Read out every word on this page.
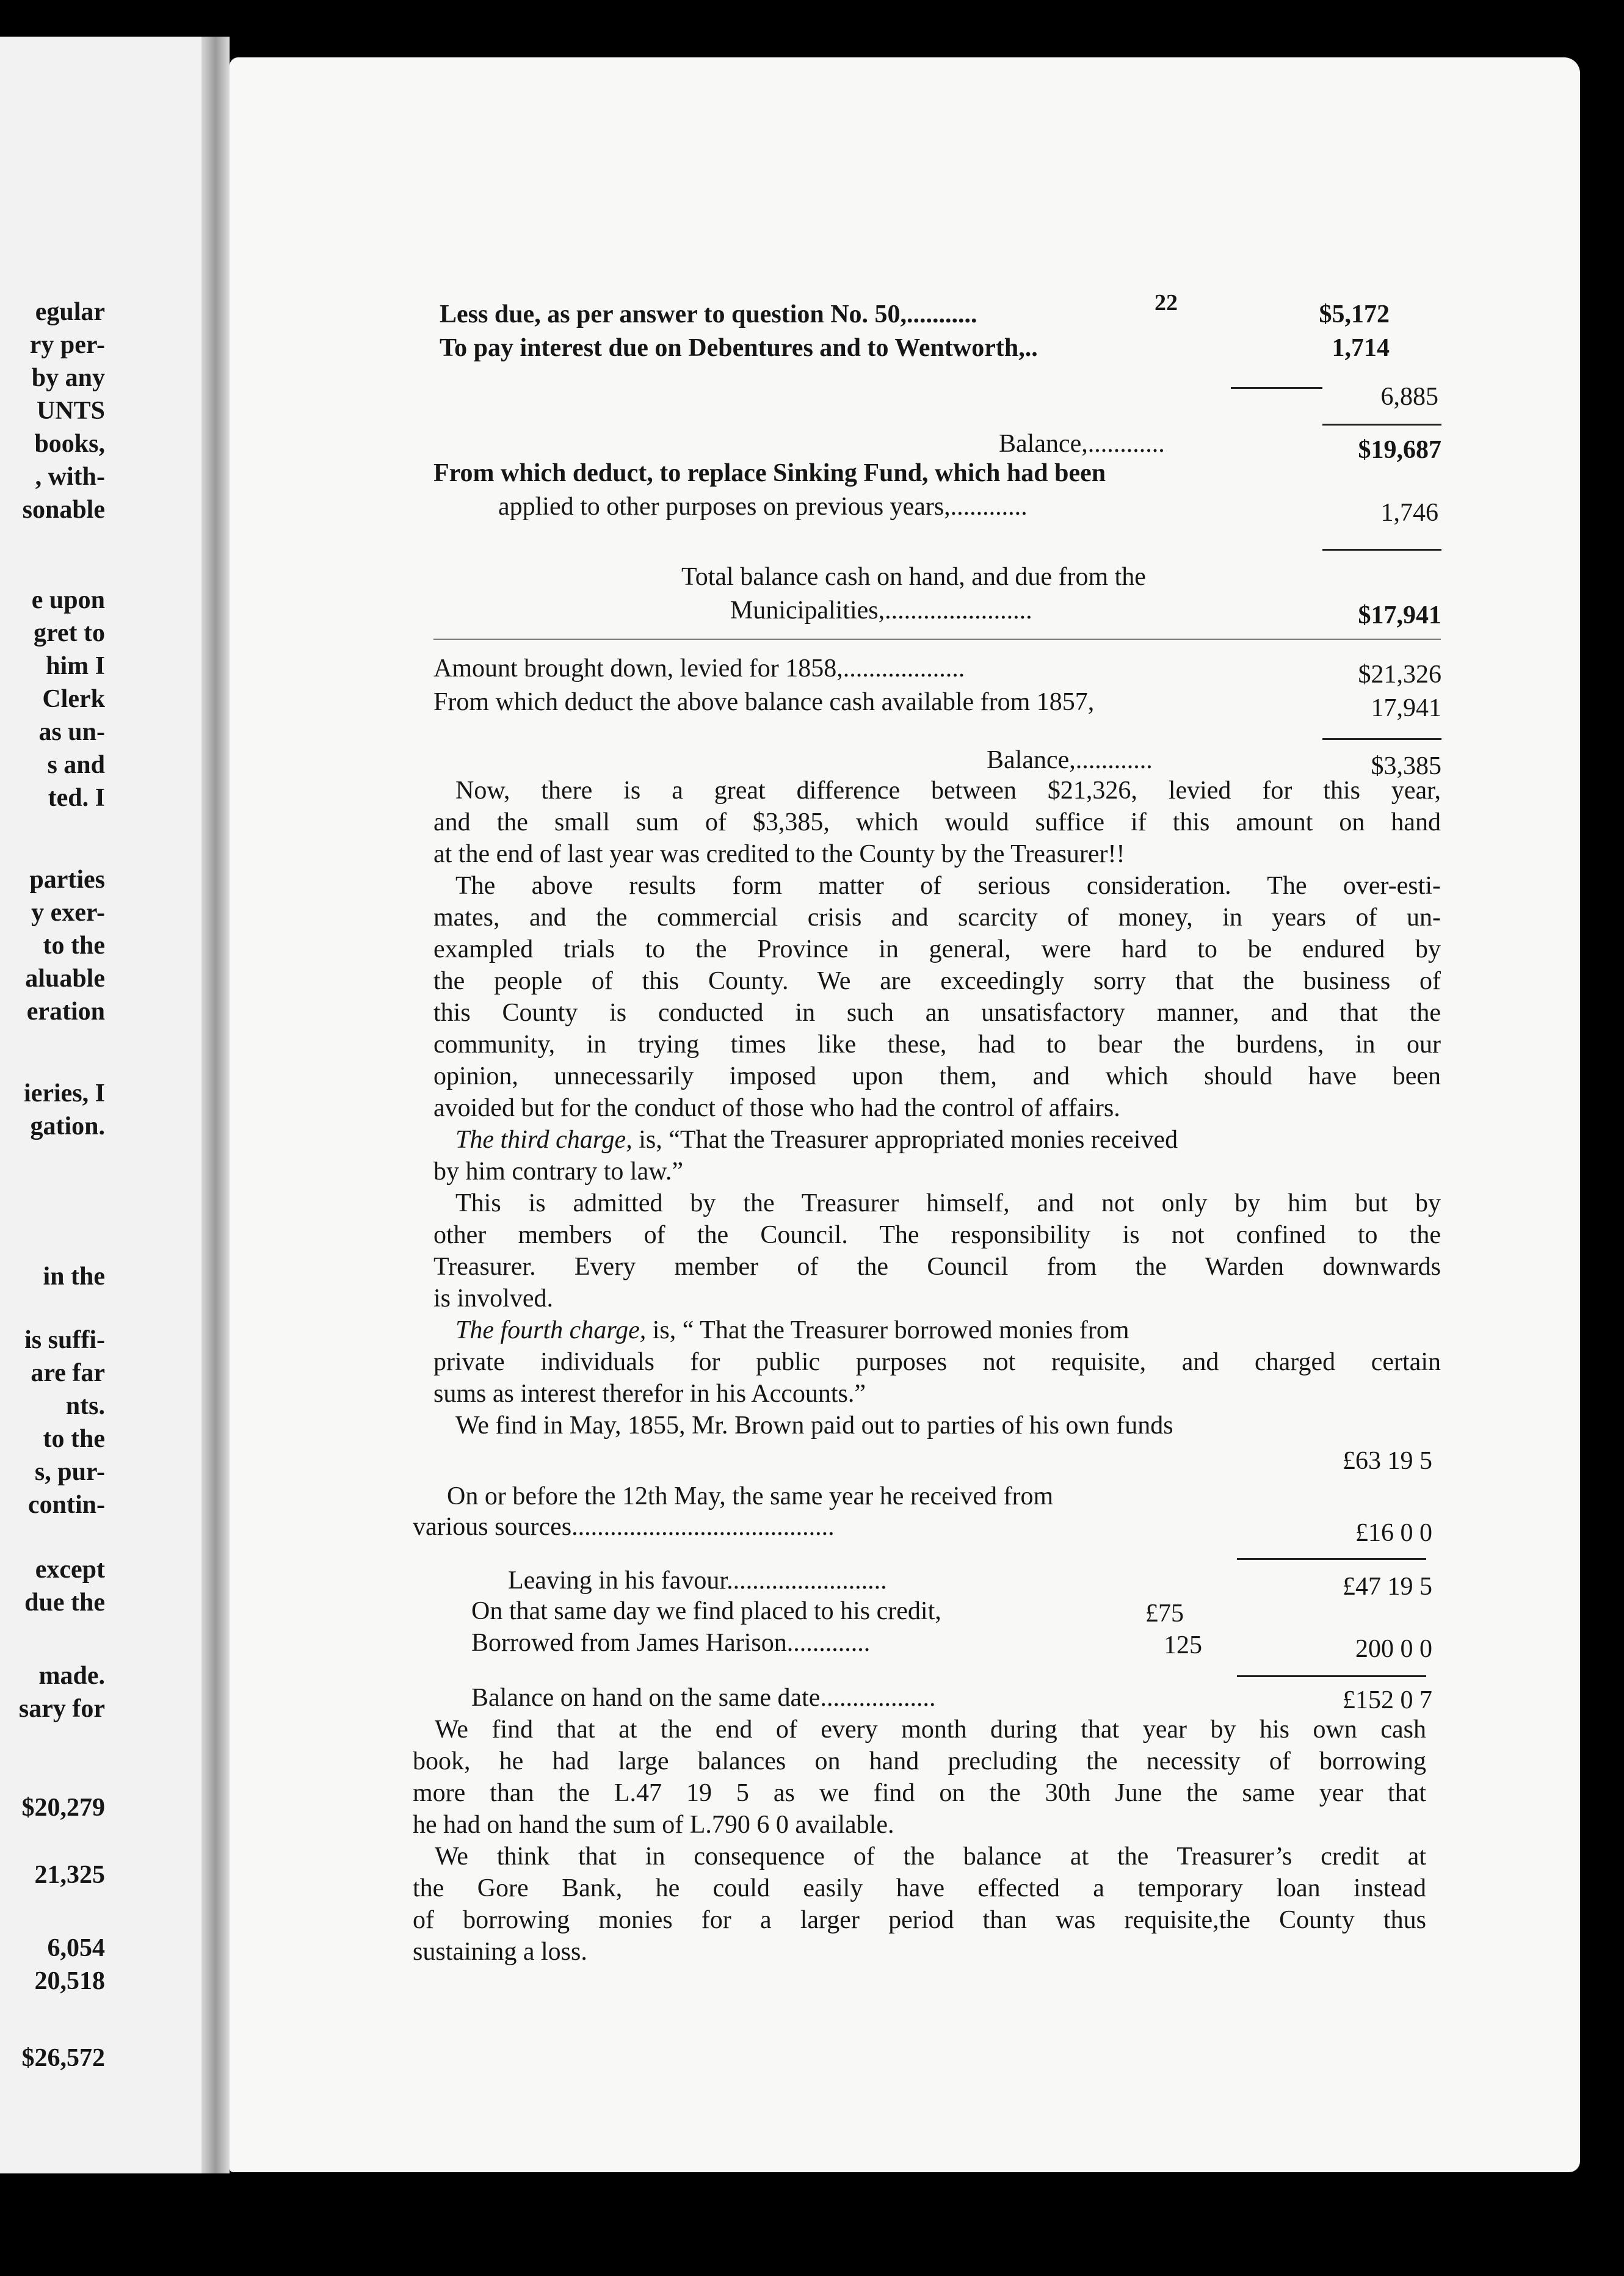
egular
ry per-
by any
UNTS
books,
, with-
sonable
e upon
gret to
him I
Clerk
as un-
s and
ted. I
parties
y exer-
to the
aluable
eration
ieries, I
gation.
in the
is suffi-
are far
nts.
to the
s, pur-
contin-
except
due the
made.
sary for
$20,279
21,325
6,054
20,518
$26,572
22
Less due, as per answer to question No. 50,...........	$5,172
To pay interest due on Debentures and to Wentworth,..	1,714
6,885
Balance,............	$19,687
From which deduct, to replace Sinking Fund, which had been
applied to other purposes on previous years,............	1,746
Total balance cash on hand, and due from the
Municipalities,.......................	$17,941
Amount brought down, levied for 1858,...................	$21,326
From which deduct the above balance cash available from 1857,	17,941
Balance,............	$3,385
Now, there is a great difference between $21,326, levied for this year,
and the small sum of $3,385, which would suffice if this amount on hand
at the end of last year was credited to the County by the Treasurer!!
The above results form matter of serious consideration. The over-esti-
mates, and the commercial crisis and scarcity of money, in years of un-
exampled trials to the Province in general, were hard to be endured by
the people of this County. We are exceedingly sorry that the business of
this County is conducted in such an unsatisfactory manner, and that the
community, in trying times like these, had to bear the burdens, in our
opinion, unnecessarily imposed upon them, and which should have been
avoided but for the conduct of those who had the control of affairs.
The third charge, is, “That the Treasurer appropriated monies received
by him contrary to law.”
This is admitted by the Treasurer himself, and not only by him but by
other members of the Council. The responsibility is not confined to the
Treasurer. Every member of the Council from the Warden downwards
is involved.
The fourth charge, is, “ That the Treasurer borrowed monies from
private individuals for public purposes not requisite, and charged certain
sums as interest therefor in his Accounts.”
We find in May, 1855, Mr. Brown paid out to parties of his own funds
£63 19 5
On or before the 12th May, the same year he received from
various sources.........................................	£16 0 0
Leaving in his favour.........................	£47 19 5
On that same day we find placed to his credit,	£75
Borrowed from James Harison.............	125	200 0 0
Balance on hand on the same date..................	£152 0 7
We find that at the end of every month during that year by his own cash
book, he had large balances on hand precluding the necessity of borrowing
more than the L.47 19 5 as we find on the 30th June the same year that
he had on hand the sum of L.790 6 0 available.
We think that in consequence of the balance at the Treasurer’s credit at
the Gore Bank, he could easily have effected a temporary loan instead
of borrowing monies for a larger period than was requisite,the County thus
sustaining a loss.
